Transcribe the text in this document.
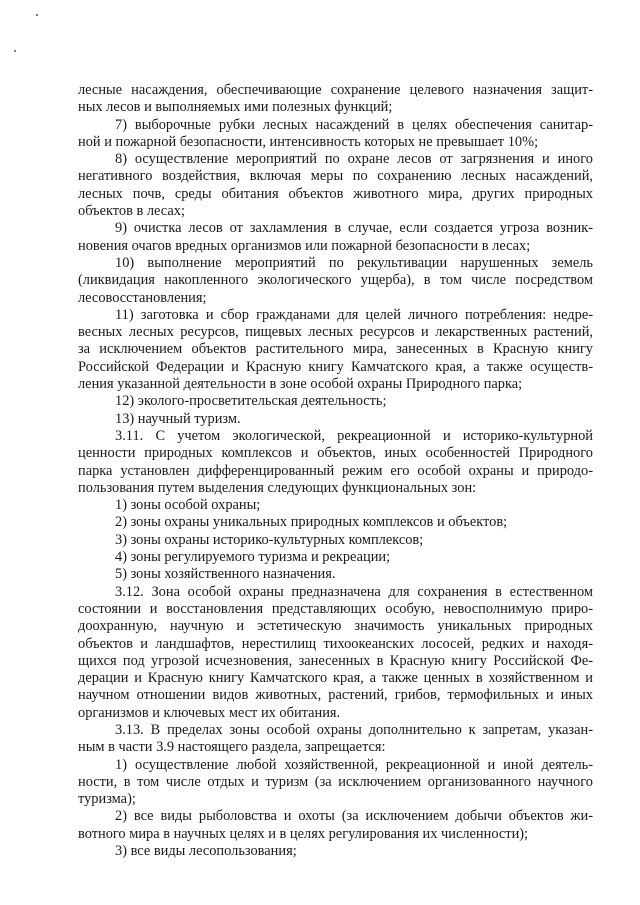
лесные насаждения, обеспечивающие сохранение целевого назначения защит-
ных лесов и выполняемых ими полезных функций;
7) выборочные рубки лесных насаждений в целях обеспечения санитар-
ной и пожарной безопасности, интенсивность которых не превышает 10%;
8) осуществление мероприятий по охране лесов от загрязнения и иного
негативного воздействия, включая меры по сохранению лесных насаждений,
лесных почв, среды обитания объектов животного мира, других природных
объектов в лесах;
9) очистка лесов от захламления в случае, если создается угроза возник-
новения очагов вредных организмов или пожарной безопасности в лесах;
10) выполнение мероприятий по рекультивации нарушенных земель
(ликвидация накопленного экологического ущерба), в том числе посредством
лесовосстановления;
11) заготовка и сбор гражданами для целей личного потребления: недре-
весных лесных ресурсов, пищевых лесных ресурсов и лекарственных растений,
за исключением объектов растительного мира, занесенных в Красную книгу
Российской Федерации и Красную книгу Камчатского края, а также осуществ-
ления указанной деятельности в зоне особой охраны Природного парка;
12) эколого-просветительская деятельность;
13) научный туризм.
3.11. С учетом экологической, рекреационной и историко-культурной
ценности природных комплексов и объектов, иных особенностей Природного
парка установлен дифференцированный режим его особой охраны и природо-
пользования путем выделения следующих функциональных зон:
1) зоны особой охраны;
2) зоны охраны уникальных природных комплексов и объектов;
3) зоны охраны историко-культурных комплексов;
4) зоны регулируемого туризма и рекреации;
5) зоны хозяйственного назначения.
3.12. Зона особой охраны предназначена для сохранения в естественном
состоянии и восстановления представляющих особую, невосполнимую приро-
доохранную, научную и эстетическую значимость уникальных природных
объектов и ландшафтов, нерестилищ тихоокеанских лососей, редких и находя-
щихся под угрозой исчезновения, занесенных в Красную книгу Российской Фе-
дерации и Красную книгу Камчатского края, а также ценных в хозяйственном и
научном отношении видов животных, растений, грибов, термофильных и иных
организмов и ключевых мест их обитания.
3.13. В пределах зоны особой охраны дополнительно к запретам, указан-
ным в части 3.9 настоящего раздела, запрещается:
1) осуществление любой хозяйственной, рекреационной и иной деятель-
ности, в том числе отдых и туризм (за исключением организованного научного
туризма);
2) все виды рыболовства и охоты (за исключением добычи объектов жи-
вотного мира в научных целях и в целях регулирования их численности);
3) все виды лесопользования;
